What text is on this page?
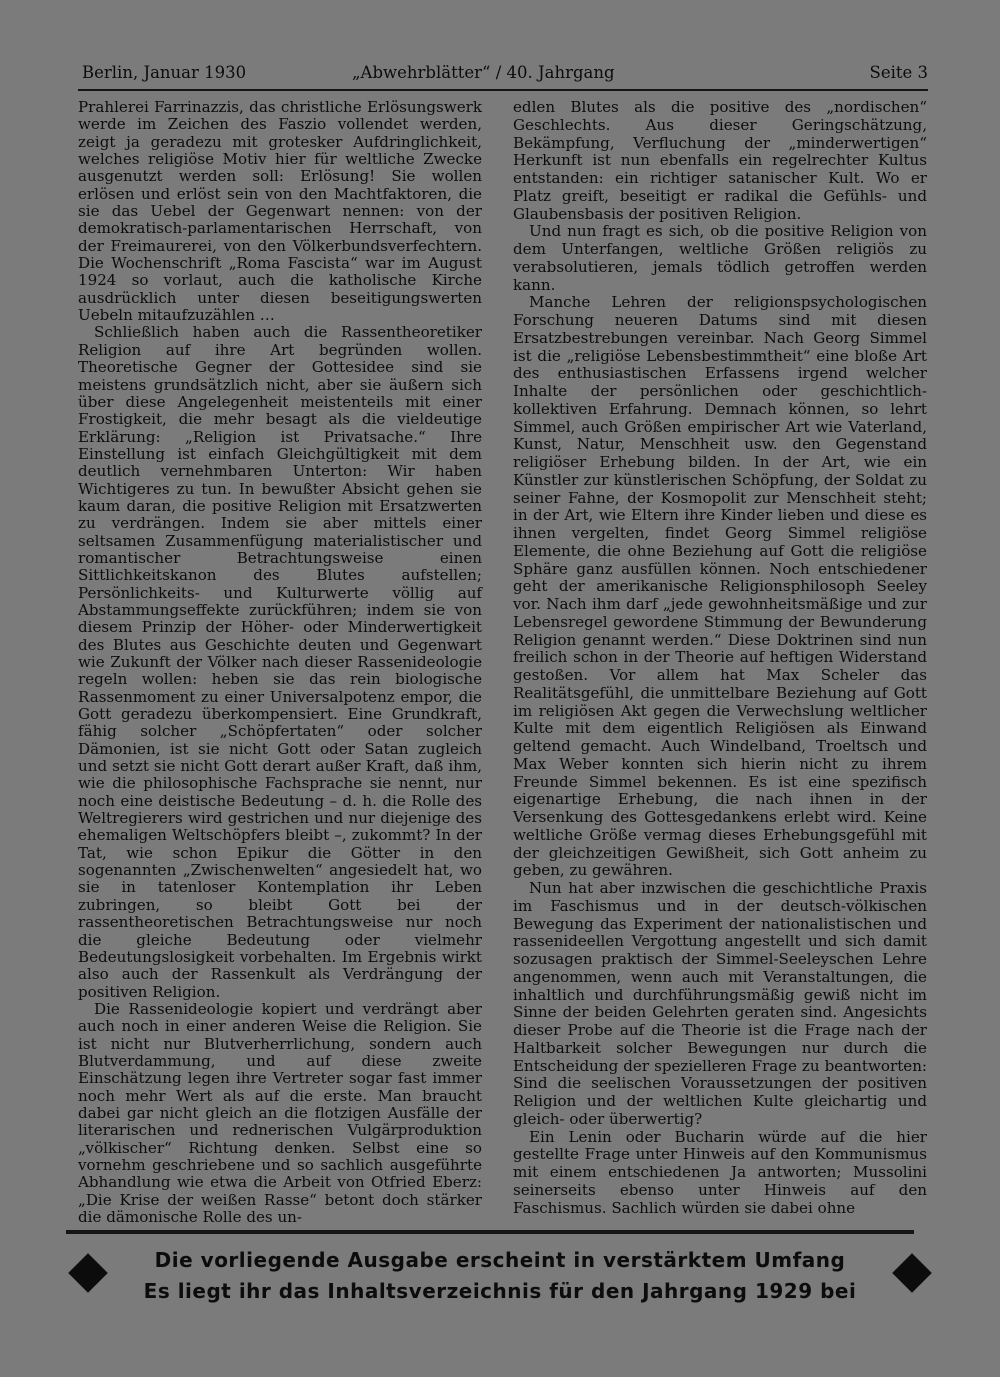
Berlin, Januar 1930	„Abwehrblätter“ / 40. Jahrgang	Seite 3

Prahlerei Farrinazzis, das christliche Erlösungswerk werde im Zeichen des Faszio vollendet werden, zeigt ja geradezu mit grotesker Aufdringlichkeit, welches religiöse Motiv hier für weltliche Zwecke ausgenutzt werden soll: Erlösung! Sie wollen erlösen und erlöst sein von den Machtfaktoren, die sie das Uebel der Gegenwart nennen: von der demokratisch-parlamentarischen Herrschaft, von der Freimaurerei, von den Völkerbundsverfechtern. Die Wochenschrift „Roma Fascista“ war im August 1924 so vorlaut, auch die katholische Kirche ausdrücklich unter diesen beseitigungswerten Uebeln mitaufzuzählen …

Schließlich haben auch die Rassentheoretiker Religion auf ihre Art begründen wollen. Theoretische Gegner der Gottesidee sind sie meistens grundsätzlich nicht, aber sie äußern sich über diese Angelegenheit meistenteils mit einer Frostigkeit, die mehr besagt als die vieldeutige Erklärung: „Religion ist Privatsache.“ Ihre Einstellung ist einfach Gleichgültigkeit mit dem deutlich vernehmbaren Unterton: Wir haben Wichtigeres zu tun. In bewußter Absicht gehen sie kaum daran, die positive Religion mit Ersatzwerten zu verdrängen. Indem sie aber mittels einer seltsamen Zusammenfügung materialistischer und romantischer Betrachtungsweise einen Sittlichkeitskanon des Blutes aufstellen; Persönlichkeits- und Kulturwerte völlig auf Abstammungseffekte zurückführen; indem sie von diesem Prinzip der Höher- oder Minderwertigkeit des Blutes aus Geschichte deuten und Gegenwart wie Zukunft der Völker nach dieser Rassenideologie regeln wollen: heben sie das rein biologische Rassenmoment zu einer Universalpotenz empor, die Gott geradezu überkompensiert. Eine Grundkraft, fähig solcher „Schöpfertaten“ oder solcher Dämonien, ist sie nicht Gott oder Satan zugleich und setzt sie nicht Gott derart außer Kraft, daß ihm, wie die philosophische Fachsprache sie nennt, nur noch eine deistische Bedeutung – d. h. die Rolle des Weltregierers wird gestrichen und nur diejenige des ehemaligen Weltschöpfers bleibt –, zukommt? In der Tat, wie schon Epikur die Götter in den sogenannten „Zwischenwelten“ angesiedelt hat, wo sie in tatenloser Kontemplation ihr Leben zubringen, so bleibt Gott bei der rassentheoretischen Betrachtungsweise nur noch die gleiche Bedeutung oder vielmehr Bedeutungslosigkeit vorbehalten. Im Ergebnis wirkt also auch der Rassenkult als Verdrängung der positiven Religion.

Die Rassenideologie kopiert und verdrängt aber auch noch in einer anderen Weise die Religion. Sie ist nicht nur Blutverherrlichung, sondern auch Blutverdammung, und auf diese zweite Einschätzung legen ihre Vertreter sogar fast immer noch mehr Wert als auf die erste. Man braucht dabei gar nicht gleich an die flotzigen Ausfälle der literarischen und rednerischen Vulgärproduktion „völkischer“ Richtung denken. Selbst eine so vornehm geschriebene und so sachlich ausgeführte Abhandlung wie etwa die Arbeit von Otfried Eberz: „Die Krise der weißen Rasse“ betont doch stärker die dämonische Rolle des un-

edlen Blutes als die positive des „nordischen“ Geschlechts. Aus dieser Geringschätzung, Bekämpfung, Verfluchung der „minderwertigen“ Herkunft ist nun ebenfalls ein regelrechter Kultus entstanden: ein richtiger satanischer Kult. Wo er Platz greift, beseitigt er radikal die Gefühls- und Glaubensbasis der positiven Religion.

Und nun fragt es sich, ob die positive Religion von dem Unterfangen, weltliche Größen religiös zu verabsolutieren, jemals tödlich getroffen werden kann.

Manche Lehren der religionspsychologischen Forschung neueren Datums sind mit diesen Ersatzbestrebungen vereinbar. Nach Georg Simmel ist die „religiöse Lebensbestimmtheit“ eine bloße Art des enthusiastischen Erfassens irgend welcher Inhalte der persönlichen oder geschichtlich-kollektiven Erfahrung. Demnach können, so lehrt Simmel, auch Größen empirischer Art wie Vaterland, Kunst, Natur, Menschheit usw. den Gegenstand religiöser Erhebung bilden. In der Art, wie ein Künstler zur künstlerischen Schöpfung, der Soldat zu seiner Fahne, der Kosmopolit zur Menschheit steht; in der Art, wie Eltern ihre Kinder lieben und diese es ihnen vergelten, findet Georg Simmel religiöse Elemente, die ohne Beziehung auf Gott die religiöse Sphäre ganz ausfüllen können. Noch entschiedener geht der amerikanische Religionsphilosoph Seeley vor. Nach ihm darf „jede gewohnheitsmäßige und zur Lebensregel gewordene Stimmung der Bewunderung Religion genannt werden.“ Diese Doktrinen sind nun freilich schon in der Theorie auf heftigen Widerstand gestoßen. Vor allem hat Max Scheler das Realitätsgefühl, die unmittelbare Beziehung auf Gott im religiösen Akt gegen die Verwechslung weltlicher Kulte mit dem eigentlich Religiösen als Einwand geltend gemacht. Auch Windelband, Troeltsch und Max Weber konnten sich hierin nicht zu ihrem Freunde Simmel bekennen. Es ist eine spezifisch eigenartige Erhebung, die nach ihnen in der Versenkung des Gottesgedankens erlebt wird. Keine weltliche Größe vermag dieses Erhebungsgefühl mit der gleichzeitigen Gewißheit, sich Gott anheim zu geben, zu gewähren.

Nun hat aber inzwischen die geschichtliche Praxis im Faschismus und in der deutsch-völkischen Bewegung das Experiment der nationalistischen und rassenideellen Vergottung angestellt und sich damit sozusagen praktisch der Simmel-Seeleyschen Lehre angenommen, wenn auch mit Veranstaltungen, die inhaltlich und durchführungsmäßig gewiß nicht im Sinne der beiden Gelehrten geraten sind. Angesichts dieser Probe auf die Theorie ist die Frage nach der Haltbarkeit solcher Bewegungen nur durch die Entscheidung der spezielleren Frage zu beantworten: Sind die seelischen Voraussetzungen der positiven Religion und der weltlichen Kulte gleichartig und gleich- oder überwertig?

Ein Lenin oder Bucharin würde auf die hier gestellte Frage unter Hinweis auf den Kommunismus mit einem entschiedenen Ja antworten; Mussolini seinerseits ebenso unter Hinweis auf den Faschismus. Sachlich würden sie dabei ohne

Die vorliegende Ausgabe erscheint in verstärktem Umfang
Es liegt ihr das Inhaltsverzeichnis für den Jahrgang 1929 bei
